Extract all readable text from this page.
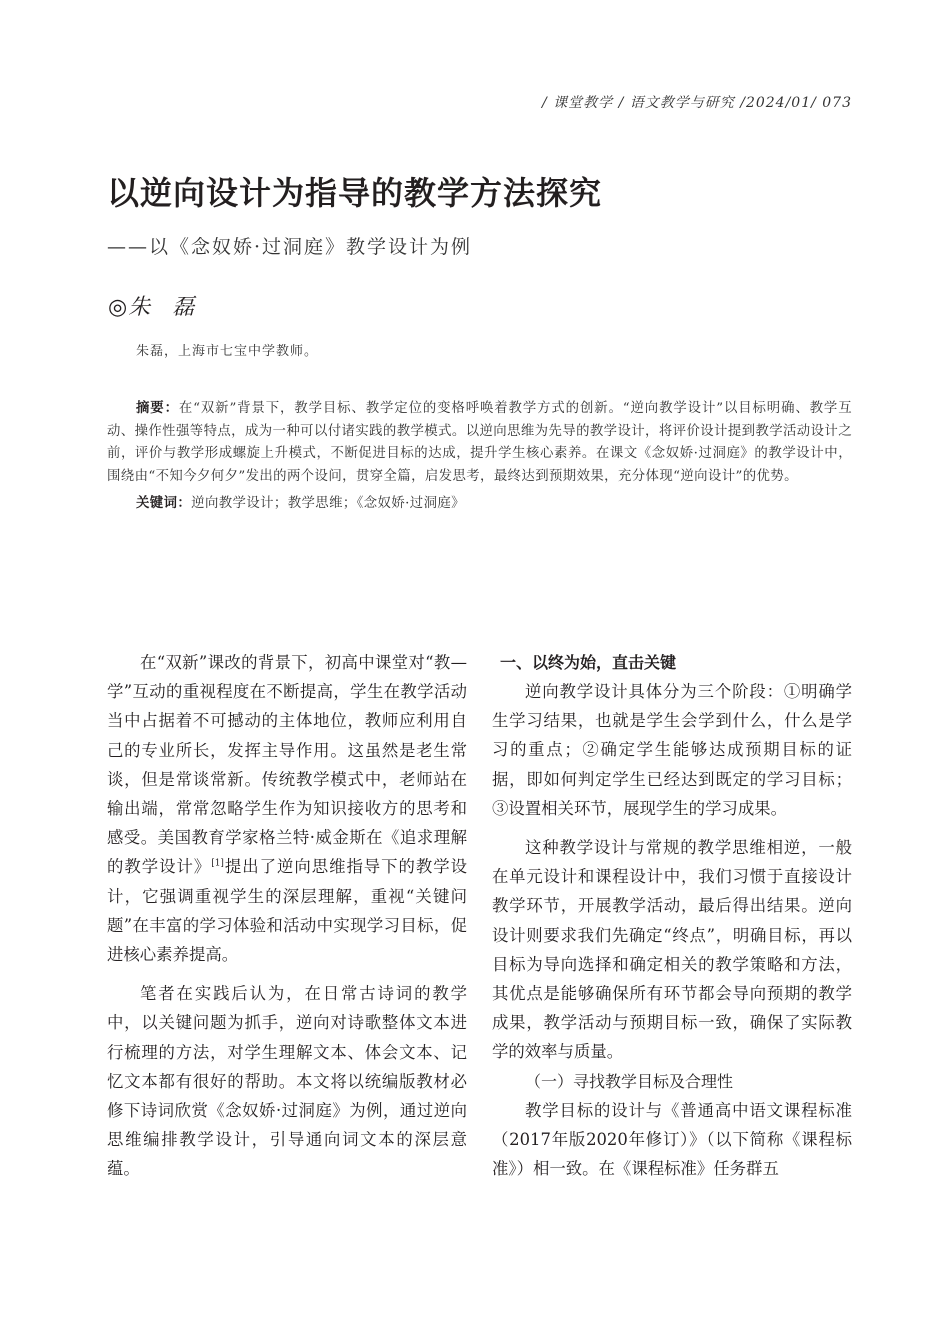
/ 课堂教学 / 语文教学与研究 /2024/01/ 073
以逆向设计为指导的教学方法探究
——以《念奴娇·过洞庭》教学设计为例
◎朱磊
朱磊，上海市七宝中学教师。

摘要：在“双新”背景下，教学目标、教学定位的变格呼唤着教学方式的创新。“逆向教学设计”以目标明确、教学互动、操作性强等特点，成为一种可以付诸实践的教学模式。以逆向思维为先导的教学设计，将评价设计提到教学活动设计之前，评价与教学形成螺旋上升模式，不断促进目标的达成，提升学生核心素养。在课文《念奴娇·过洞庭》的教学设计中，围绕由“不知今夕何夕”发出的两个设问，贯穿全篇，启发思考，最终达到预期效果，充分体现“逆向设计”的优势。

关键词：逆向教学设计；教学思维；《念奴娇·过洞庭》

在“双新”课改的背景下，初高中课堂对“教—学”互动的重视程度在不断提高，学生在教学活动当中占据着不可撼动的主体地位，教师应利用自己的专业所长，发挥主导作用。这虽然是老生常谈，但是常谈常新。传统教学模式中，老师站在输出端，常常忽略学生作为知识接收方的思考和感受。美国教育学家格兰特·威金斯在《追求理解的教学设计》[1]提出了逆向思维指导下的教学设计，它强调重视学生的深层理解，重视“关键问题”在丰富的学习体验和活动中实现学习目标，促进核心素养提高。

笔者在实践后认为，在日常古诗词的教学中，以关键问题为抓手，逆向对诗歌整体文本进行梳理的方法，对学生理解文本、体会文本、记忆文本都有很好的帮助。本文将以统编版教材必修下诗词欣赏《念奴娇·过洞庭》为例，通过逆向思维编排教学设计，引导通向词文本的深层意蕴。

一、以终为始，直击关键

逆向教学设计具体分为三个阶段：①明确学生学习结果，也就是学生会学到什么，什么是学习的重点；②确定学生能够达成预期目标的证据，即如何判定学生已经达到既定的学习目标；③设置相关环节，展现学生的学习成果。

这种教学设计与常规的教学思维相逆，一般在单元设计和课程设计中，我们习惯于直接设计教学环节，开展教学活动，最后得出结果。逆向设计则要求我们先确定“终点”，明确目标，再以目标为导向选择和确定相关的教学策略和方法，其优点是能够确保所有环节都会导向预期的教学成果，教学活动与预期目标一致，确保了实际教学的效率与质量。

（一）寻找教学目标及合理性

教学目标的设计与《普通高中语文课程标准（2017年版2020年修订）》（以下简称《课程标准》）相一致。在《课程标准》任务群五
